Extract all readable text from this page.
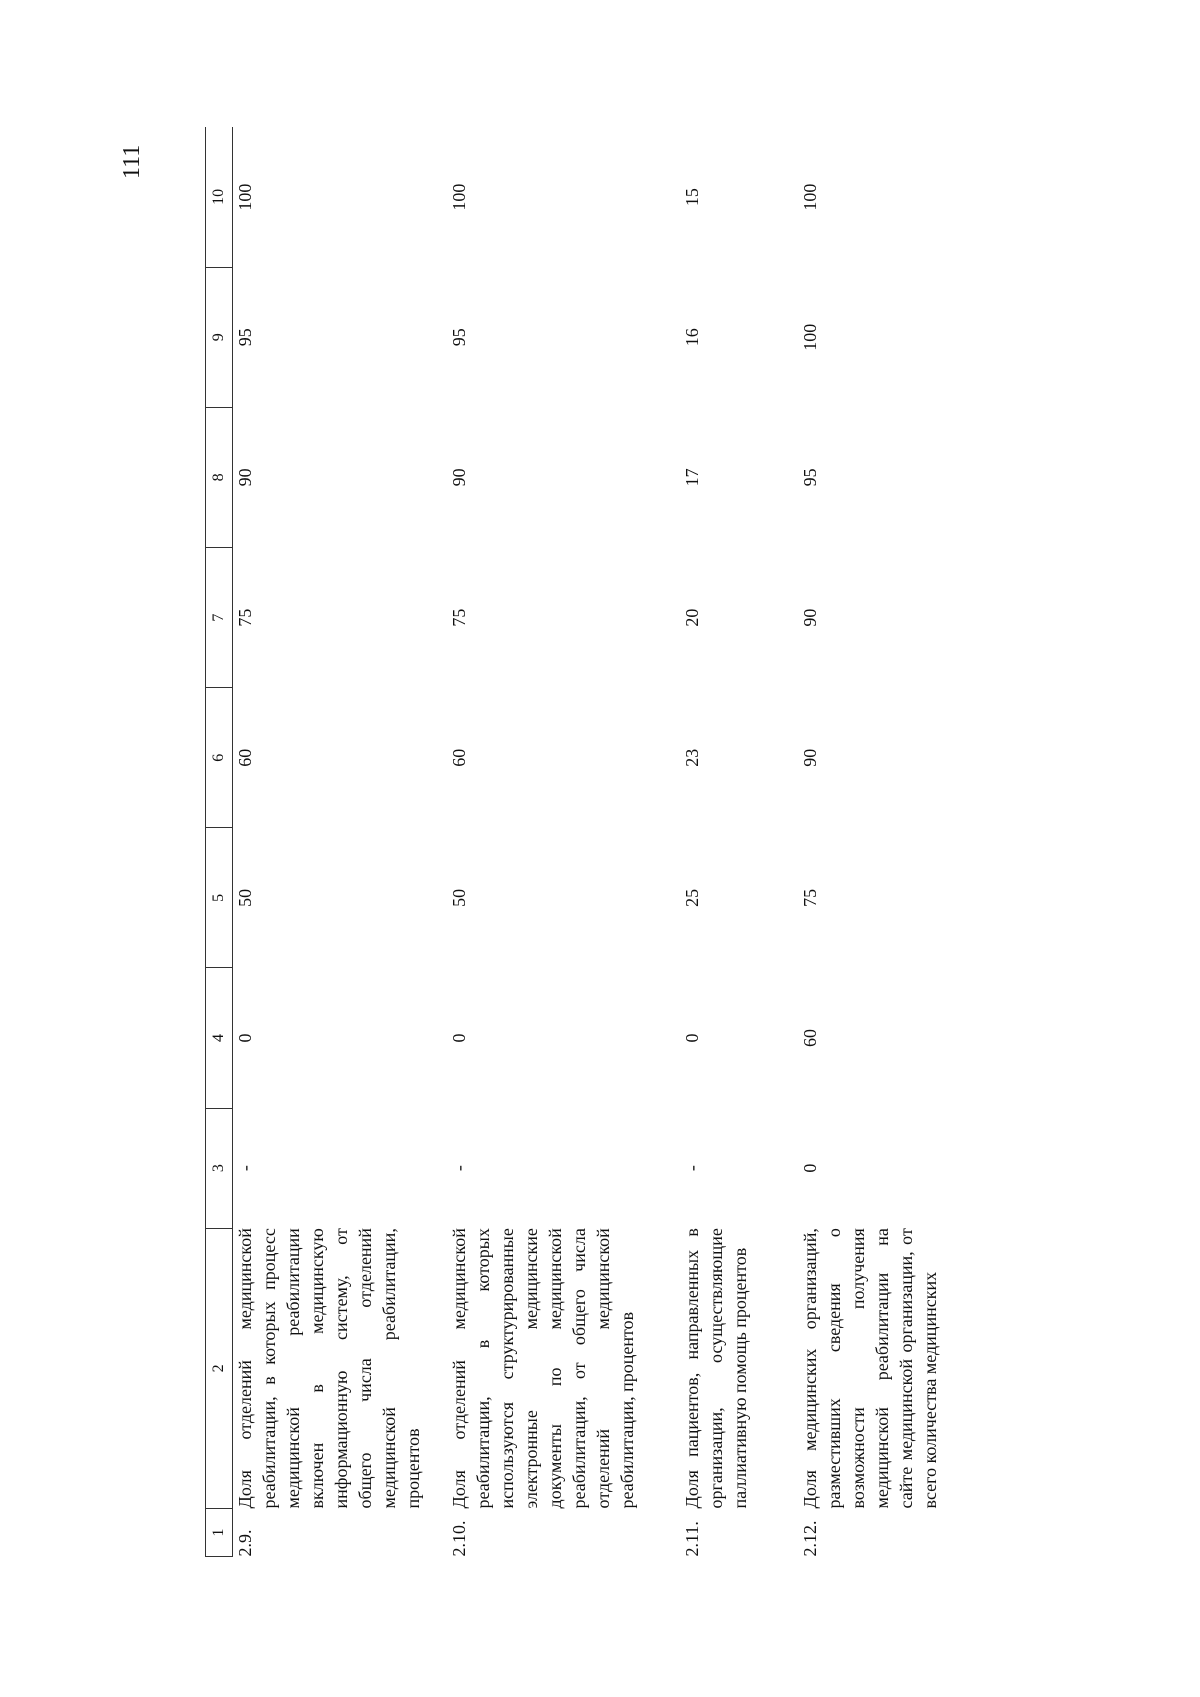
111
1	2	3	4	5	6	7	8	9	10
2.9.	Доля отделений медицинской реабилитации, в которых процесс медицинской реабилитации включен в медицинскую информационную систему, от общего числа отделений медицинской реабилитации, процентов	-	0	50	60	75	90	95	100
2.10.	Доля отделений медицинской реабилитации, в которых используются структурированные электронные медицинские документы по медицинской реабилитации, от общего числа отделений медицинской реабилитации, процентов	-	0	50	60	75	90	95	100
2.11.	Доля пациентов, направленных в организации, осуществляющие паллиативную помощь процентов	-	0	25	23	20	17	16	15
2.12.	Доля медицинских организаций, разместивших сведения о возможности получения медицинской реабилитации на сайте медицинской организации, от всего количества медицинских	0	60	75	90	90	95	100	100
